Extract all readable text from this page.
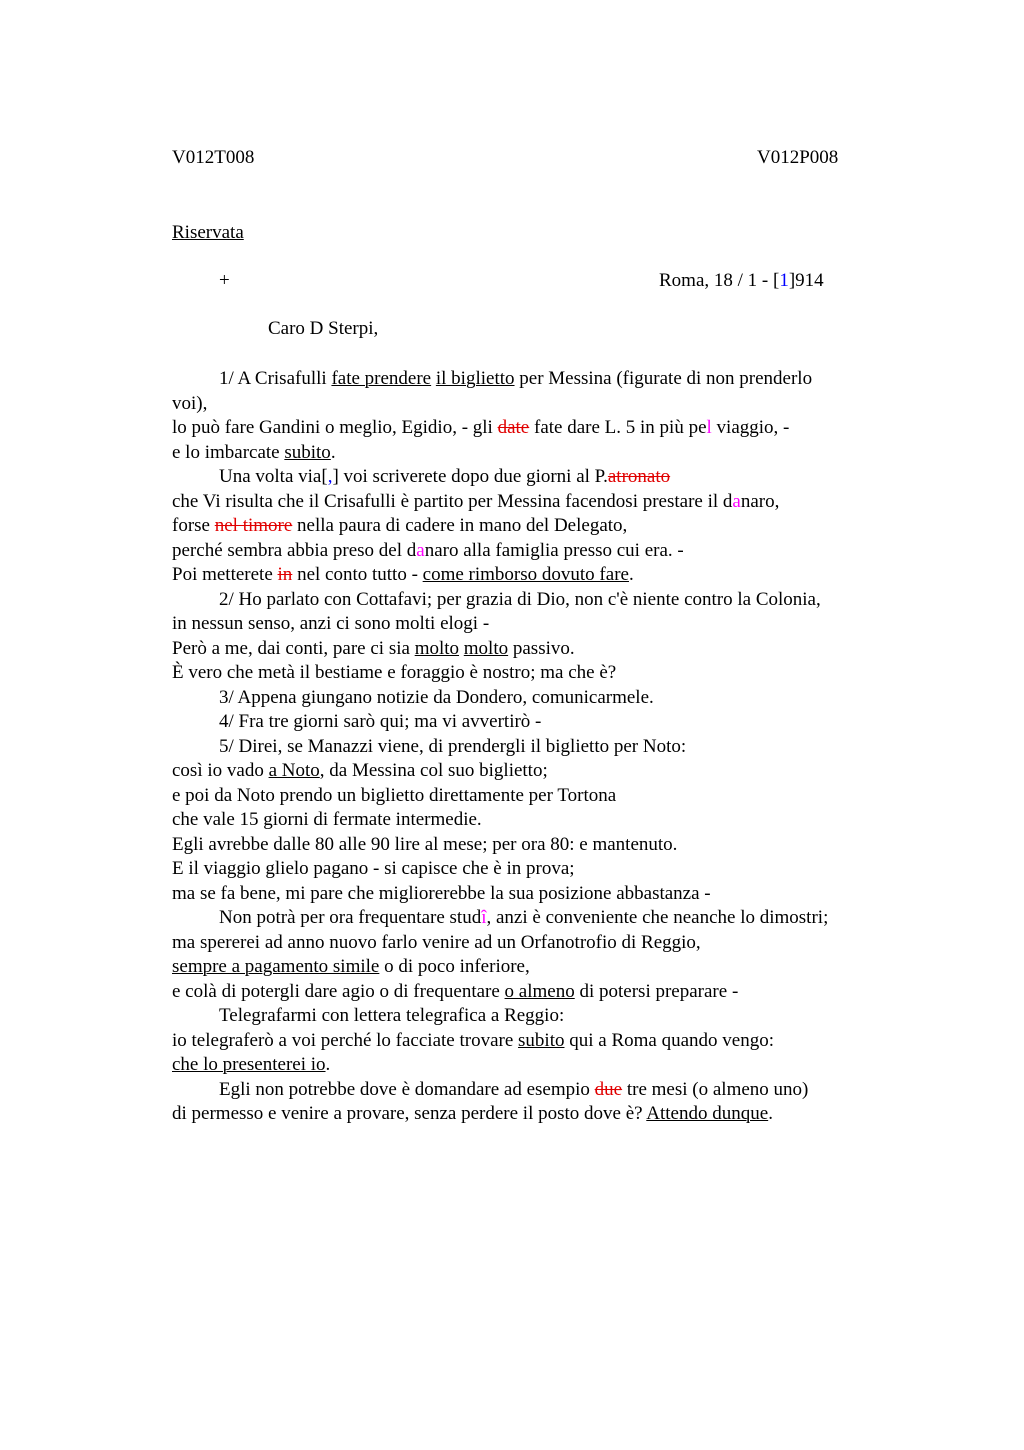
V012T008	V012P008
Riservata
+	Roma, 18 / 1 - [1]914
Caro D Sterpi,
1/ A Crisafulli fate prendere il biglietto per Messina (figurate di non prenderlo
voi),
lo può fare Gandini o meglio, Egidio, - gli date fate dare L. 5 in più pel viaggio, -
e lo imbarcate subito.
Una volta via[,] voi scriverete dopo due giorni al P.atronato
che Vi risulta che il Crisafulli è partito per Messina facendosi prestare il danaro,
forse nel timore nella paura di cadere in mano del Delegato,
perché sembra abbia preso del danaro alla famiglia presso cui era. -
Poi metterete in nel conto tutto - come rimborso dovuto fare.
2/ Ho parlato con Cottafavi; per grazia di Dio, non c'è niente contro la Colonia,
in nessun senso, anzi ci sono molti elogi -
Però a me, dai conti, pare ci sia molto molto passivo.
È vero che metà il bestiame e foraggio è nostro; ma che è?
3/ Appena giungano notizie da Dondero, comunicarmele.
4/ Fra tre giorni sarò qui; ma vi avvertirò -
5/ Direi, se Manazzi viene, di prendergli il biglietto per Noto:
così io vado a Noto, da Messina col suo biglietto;
e poi da Noto prendo un biglietto direttamente per Tortona
che vale 15 giorni di fermate intermedie.
Egli avrebbe dalle 80 alle 90 lire al mese; per ora 80: e mantenuto.
E il viaggio glielo pagano - si capisce che è in prova;
ma se fa bene, mi pare che migliorerebbe la sua posizione abbastanza -
Non potrà per ora frequentare studî, anzi è conveniente che neanche lo dimostri;
ma spererei ad anno nuovo farlo venire ad un Orfanotrofio di Reggio,
sempre a pagamento simile o di poco inferiore,
e colà di potergli dare agio o di frequentare o almeno di potersi preparare -
Telegrafarmi con lettera telegrafica a Reggio:
io telegraferò a voi perché lo facciate trovare subito qui a Roma quando vengo:
che lo presenterei io.
Egli non potrebbe dove è domandare ad esempio due tre mesi (o almeno uno)
di permesso e venire a provare, senza perdere il posto dove è? Attendo dunque.
